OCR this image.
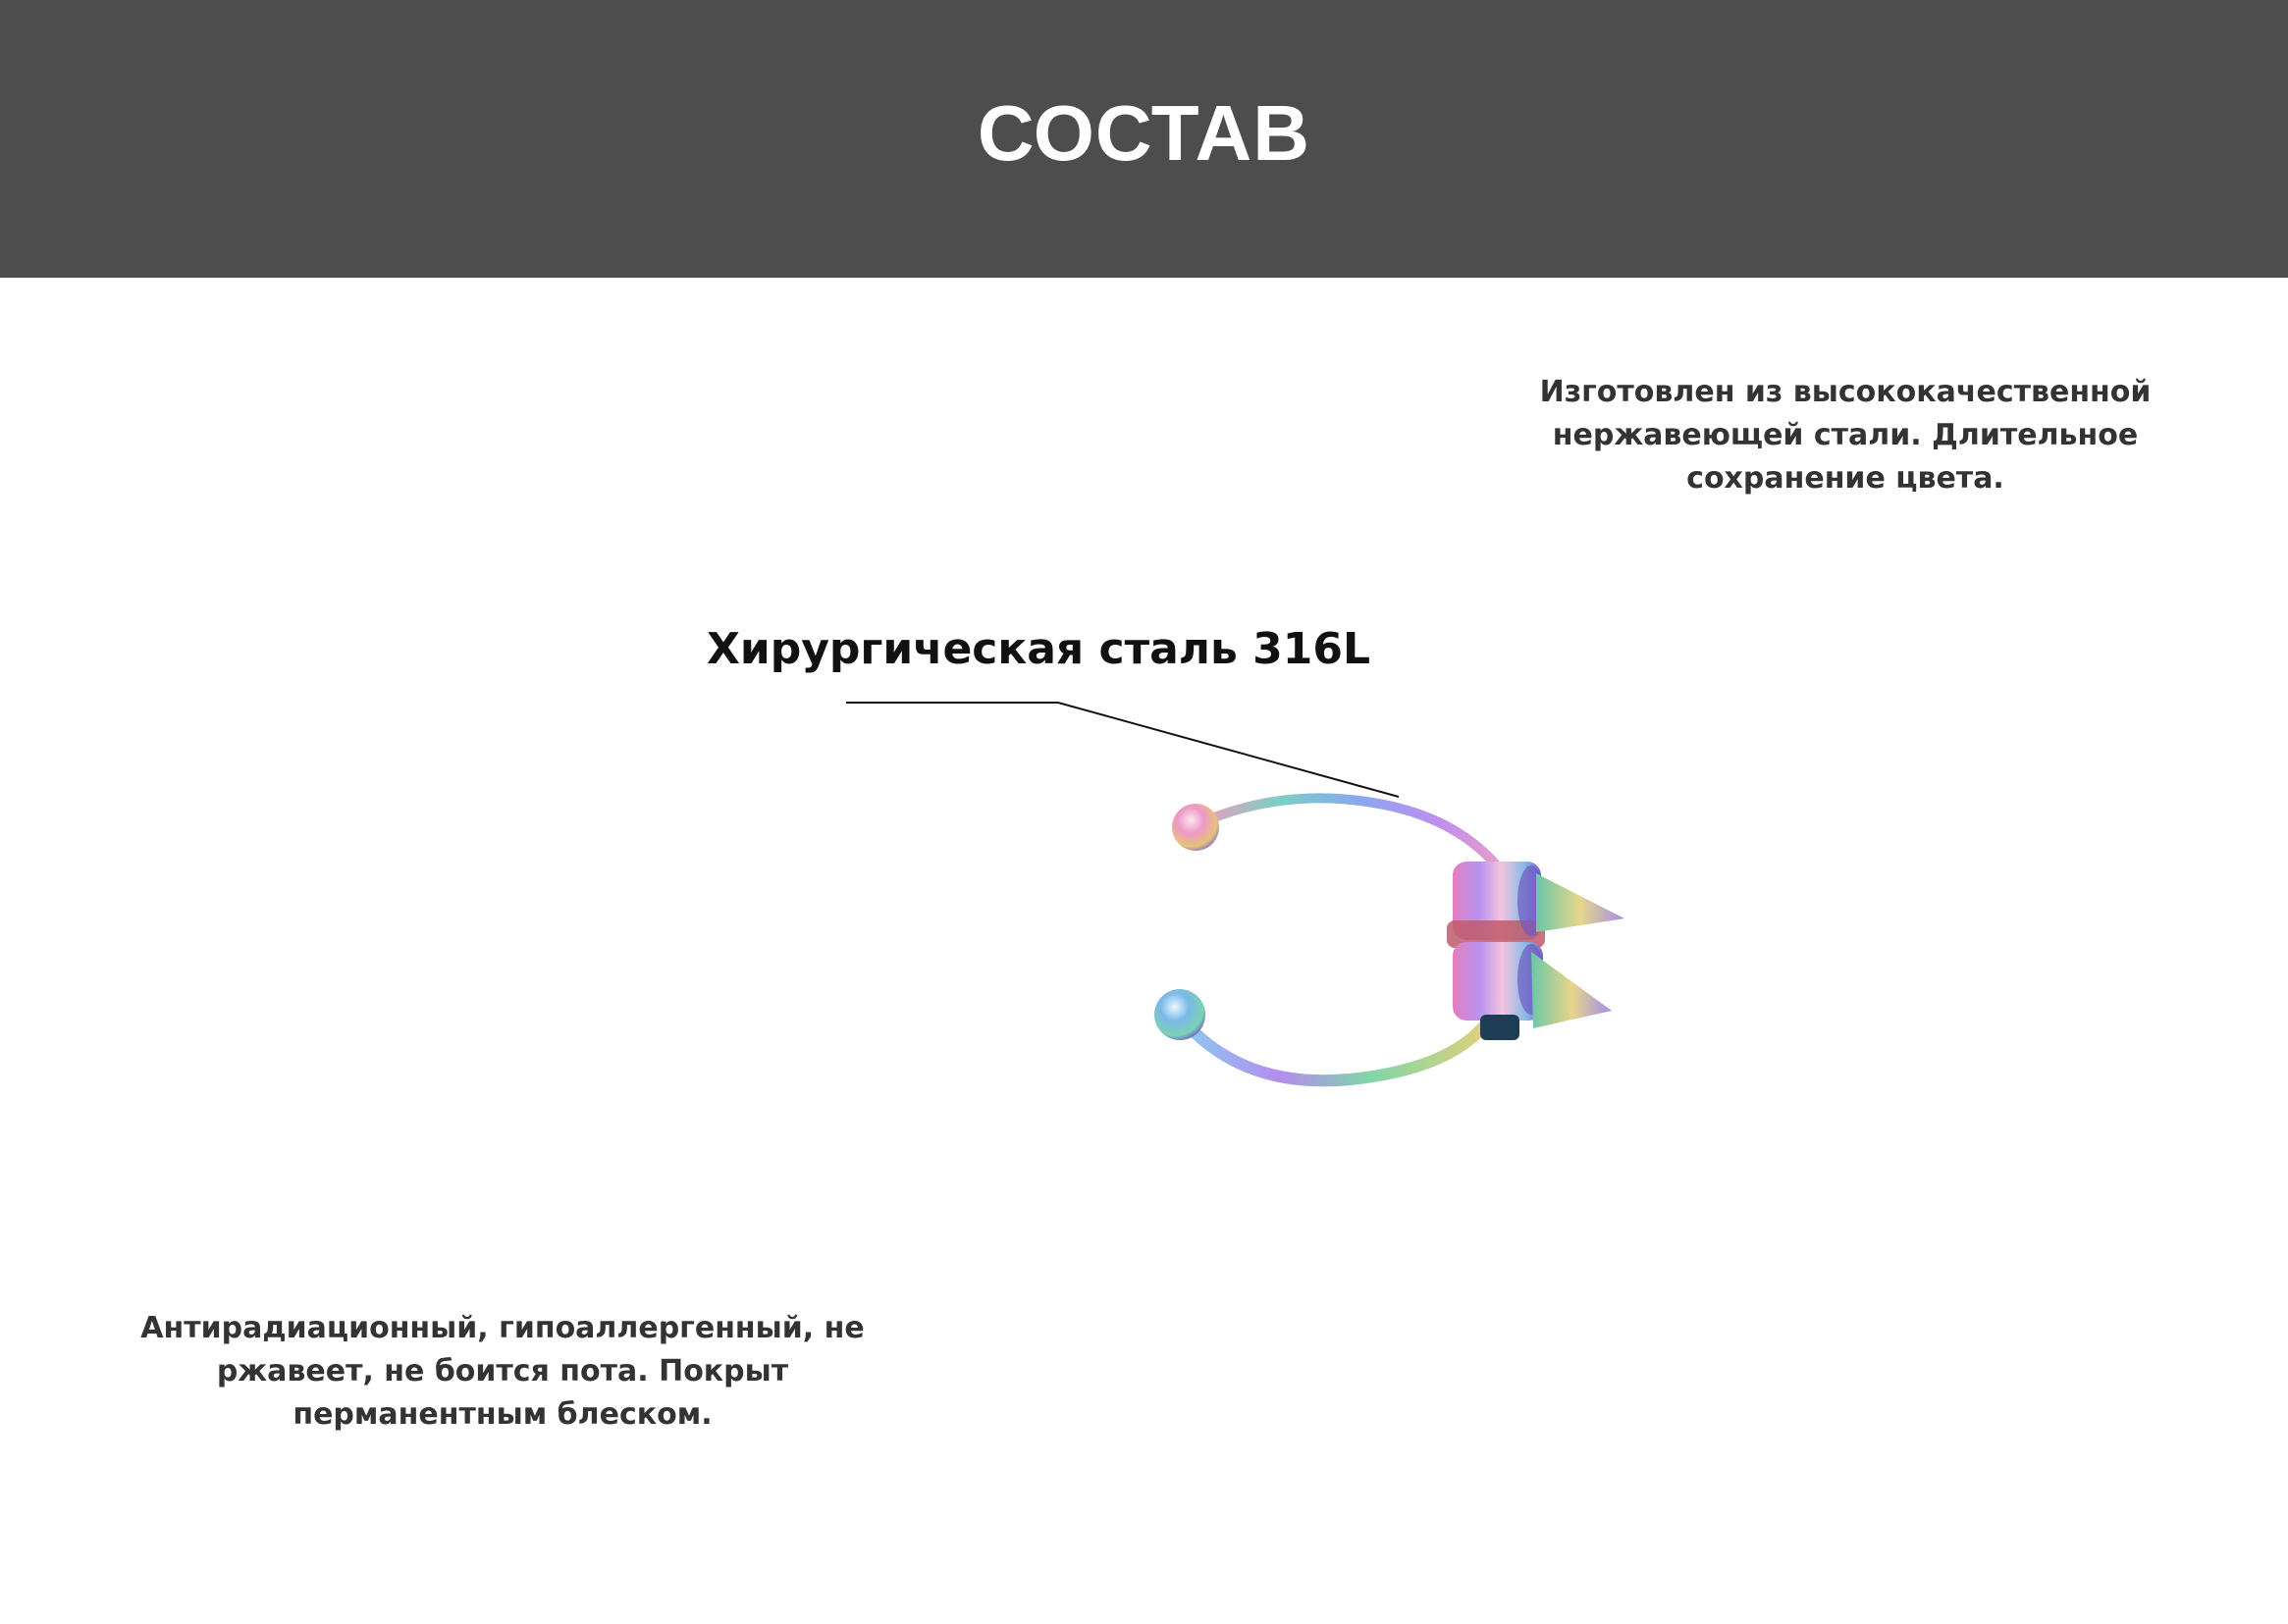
СОСТАВ
Изготовлен из высококачественной
нержавеющей стали. Длительное
сохранение цвета.
Хирургическая сталь 316L
Антирадиационный, гипоаллергенный, не
ржавеет, не боится пота. Покрыт
перманентным блеском.
